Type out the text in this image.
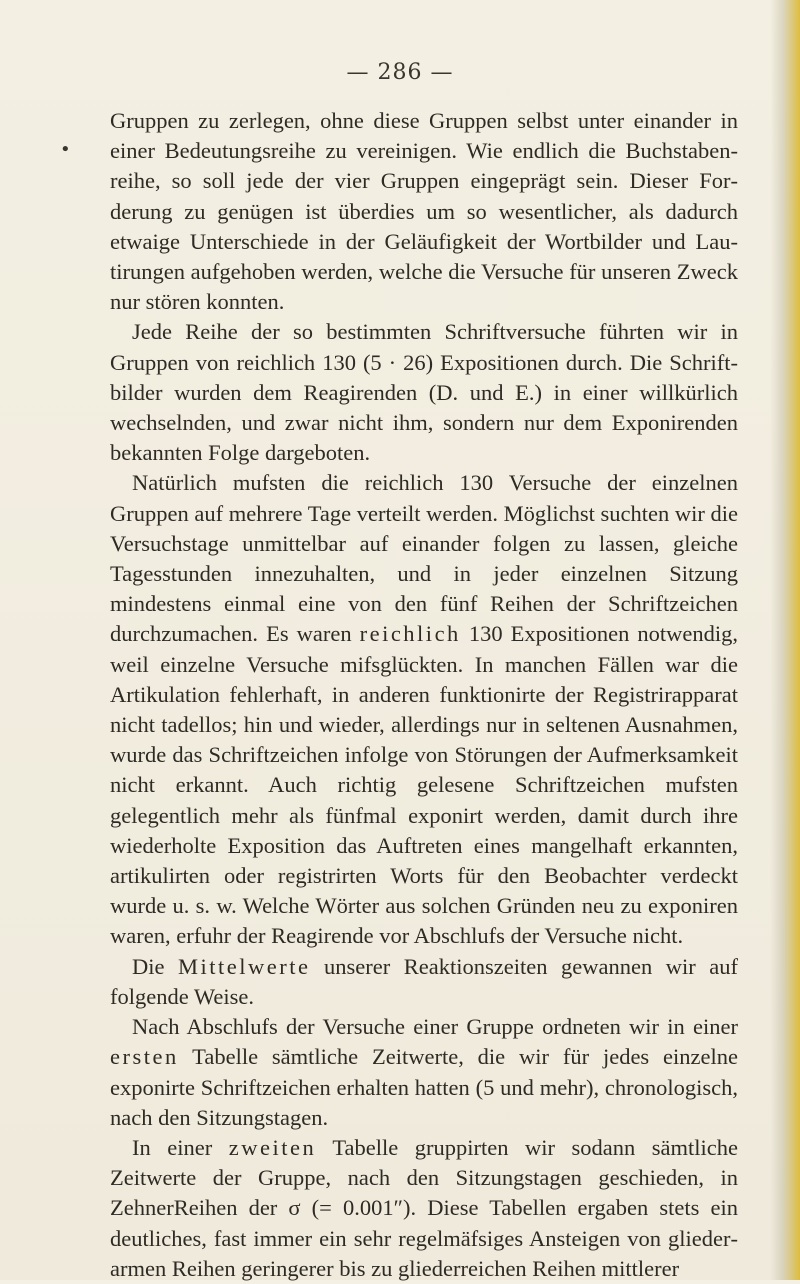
— 286 —
•

Gruppen zu zerlegen, ohne diese Gruppen selbst unter einander in einer Bedeutungsreihe zu vereinigen. Wie endlich die Buchstabenreihe, so soll jede der vier Gruppen eingeprägt sein. Dieser Forderung zu genügen ist überdies um so wesentlicher, als dadurch etwaige Unterschiede in der Geläufigkeit der Wortbilder und Lautirungen aufgehoben werden, welche die Versuche für unseren Zweck nur stören konnten.

Jede Reihe der so bestimmten Schriftversuche führten wir in Gruppen von reichlich 130 (5 · 26) Expositionen durch. Die Schriftbilder wurden dem Reagirenden (D. und E.) in einer willkürlich wechselnden, und zwar nicht ihm, sondern nur dem Exponirenden bekannten Folge dargeboten.

Natürlich mufsten die reichlich 130 Versuche der einzelnen Gruppen auf mehrere Tage verteilt werden. Möglichst suchten wir die Versuchstage unmittelbar auf einander folgen zu lassen, gleiche Tagesstunden innezuhalten, und in jeder einzelnen Sitzung mindestens einmal eine von den fünf Reihen der Schriftzeichen durchzumachen. Es waren reichlich 130 Expositionen notwendig, weil einzelne Versuche mifsglückten. In manchen Fällen war die Artikulation fehlerhaft, in anderen funktionirte der Registrirapparat nicht tadellos; hin und wieder, allerdings nur in seltenen Ausnahmen, wurde das Schriftzeichen infolge von Störungen der Aufmerksamkeit nicht erkannt. Auch richtig gelesene Schriftzeichen mufsten gelegentlich mehr als fünfmal exponirt werden, damit durch ihre wiederholte Exposition das Auftreten eines mangelhaft erkannten, artikulirten oder registrirten Worts für den Beobachter verdeckt wurde u. s. w. Welche Wörter aus solchen Gründen neu zu exponiren waren, erfuhr der Reagirende vor Abschlufs der Versuche nicht.

Die Mittelwerte unserer Reaktionszeiten gewannen wir auf folgende Weise.

Nach Abschlufs der Versuche einer Gruppe ordneten wir in einer ersten Tabelle sämtliche Zeitwerte, die wir für jedes einzelne exponirte Schriftzeichen erhalten hatten (5 und mehr), chronologisch, nach den Sitzungstagen.

In einer zweiten Tabelle gruppirten wir sodann sämtliche Zeitwerte der Gruppe, nach den Sitzungstagen geschieden, in ZehnerReihen der σ (= 0.001″). Diese Tabellen ergaben stets ein deutliches, fast immer ein sehr regelmäfsiges Ansteigen von gliederarmen Reihen geringerer bis zu gliederreichen Reihen mittlerer
